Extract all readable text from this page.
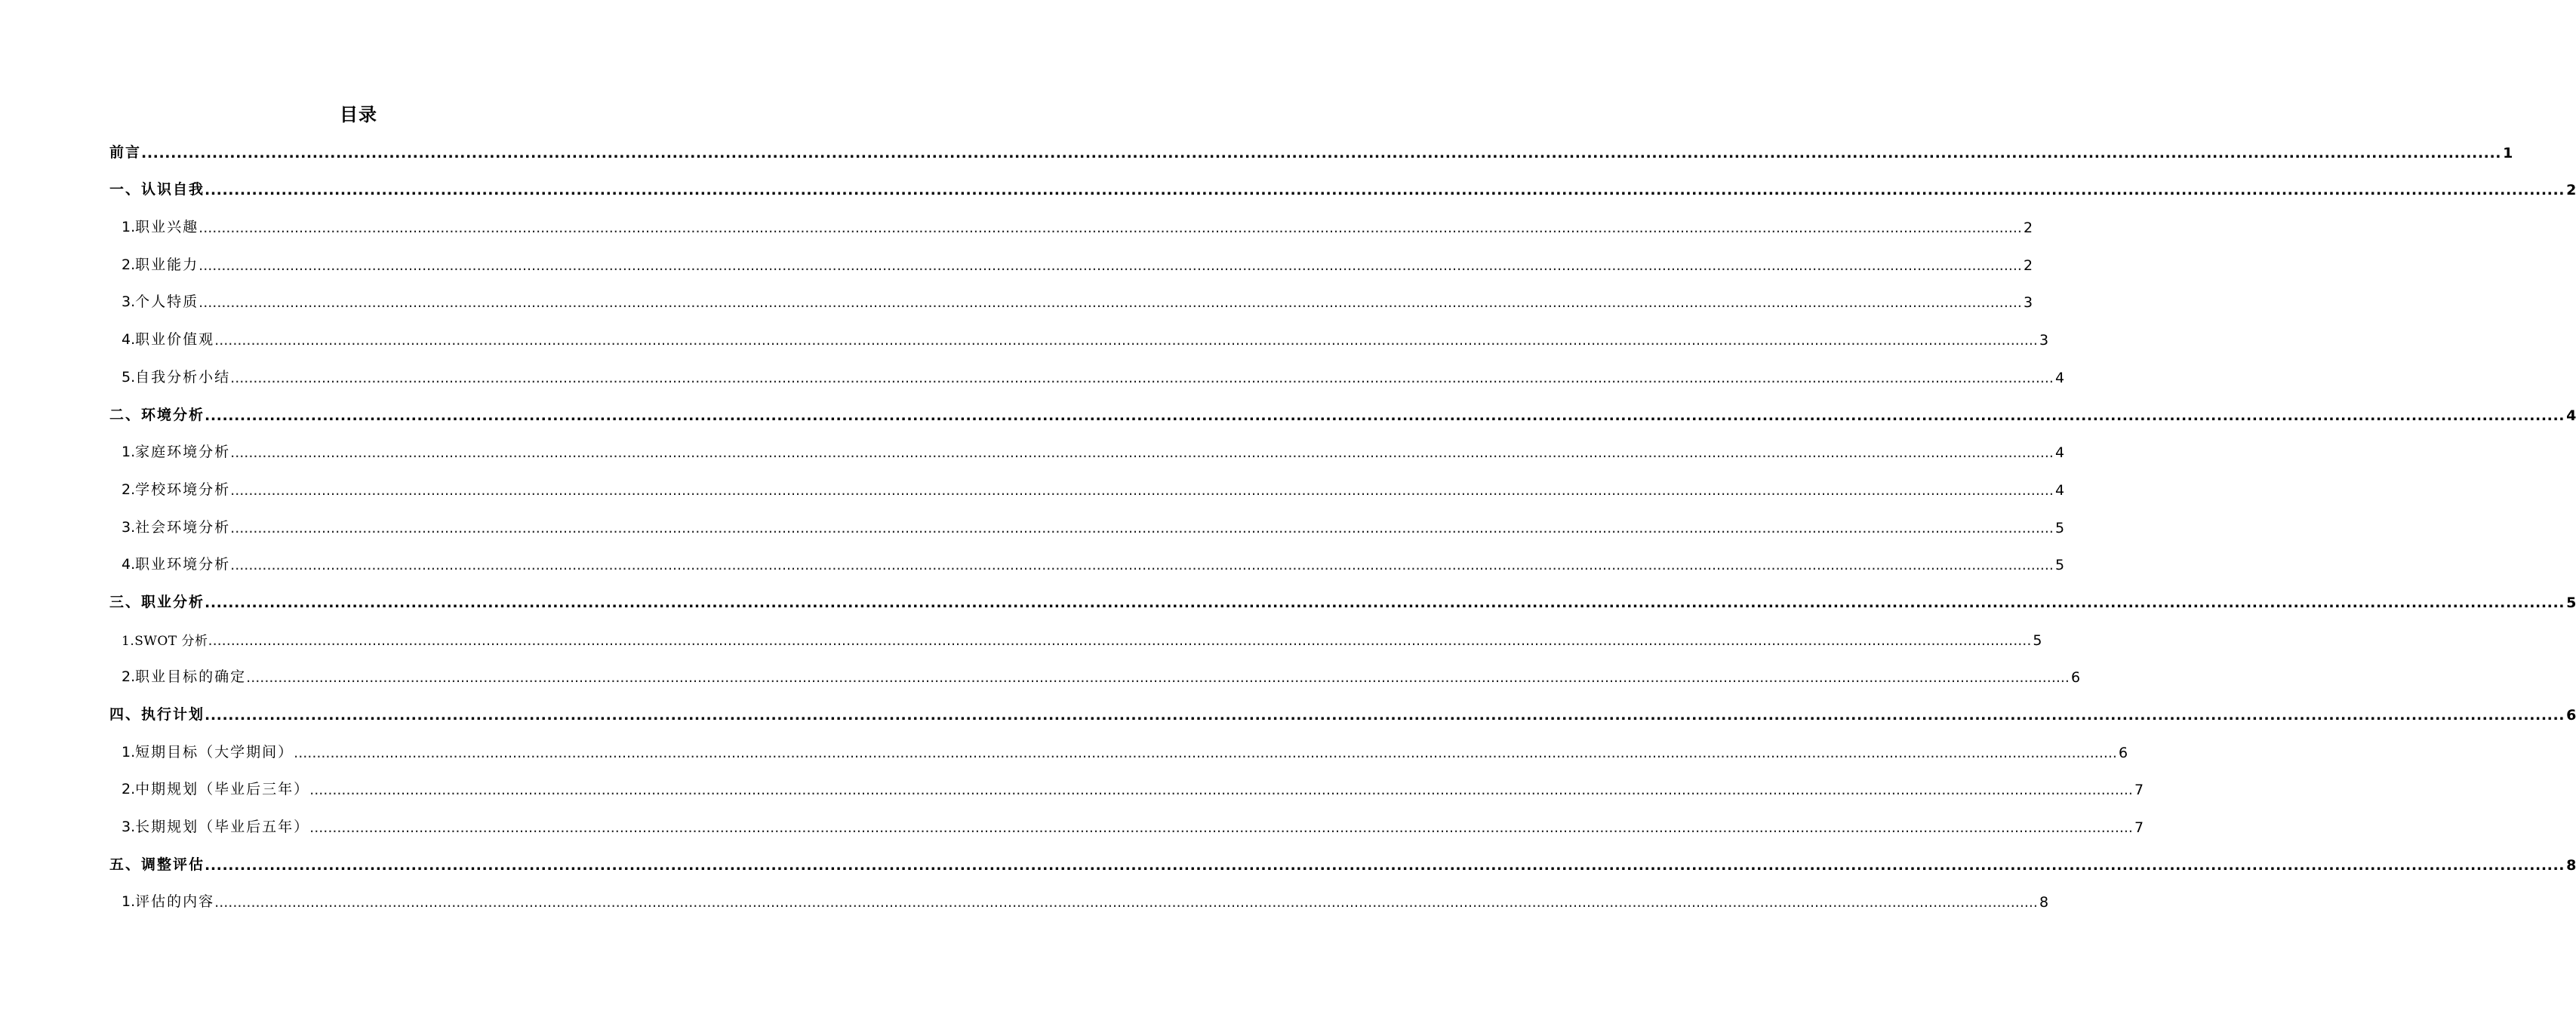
目录
前言 ................................................................................................................................................................................................................................................................................................................................................................................................................ 1
一、认识自我 ................................................................................................................................................................................................................................................................................................................................................................................................................ 2
1.职业兴趣 ................................................................................................................................................................................................................................................................................................................................................................................................................ 2
2.职业能力 ................................................................................................................................................................................................................................................................................................................................................................................................................ 2
3.个人特质 ................................................................................................................................................................................................................................................................................................................................................................................................................ 3
4.职业价值观 ................................................................................................................................................................................................................................................................................................................................................................................................................ 3
5.自我分析小结 ................................................................................................................................................................................................................................................................................................................................................................................................................ 4
二、环境分析 ................................................................................................................................................................................................................................................................................................................................................................................................................ 4
1.家庭环境分析 ................................................................................................................................................................................................................................................................................................................................................................................................................ 4
2.学校环境分析 ................................................................................................................................................................................................................................................................................................................................................................................................................ 4
3.社会环境分析 ................................................................................................................................................................................................................................................................................................................................................................................................................ 5
4.职业环境分析 ................................................................................................................................................................................................................................................................................................................................................................................................................ 5
三、职业分析 ................................................................................................................................................................................................................................................................................................................................................................................................................ 5
1.SWOT 分析 ................................................................................................................................................................................................................................................................................................................................................................................................................ 5
2.职业目标的确定 ................................................................................................................................................................................................................................................................................................................................................................................................................ 6
四、执行计划 ................................................................................................................................................................................................................................................................................................................................................................................................................ 6
1.短期目标（大学期间） ................................................................................................................................................................................................................................................................................................................................................................................................................ 6
2.中期规划（毕业后三年） ................................................................................................................................................................................................................................................................................................................................................................................................................ 7
3.长期规划（毕业后五年） ................................................................................................................................................................................................................................................................................................................................................................................................................ 7
五、调整评估 ................................................................................................................................................................................................................................................................................................................................................................................................................ 8
1.评估的内容 ................................................................................................................................................................................................................................................................................................................................................................................................................ 8
